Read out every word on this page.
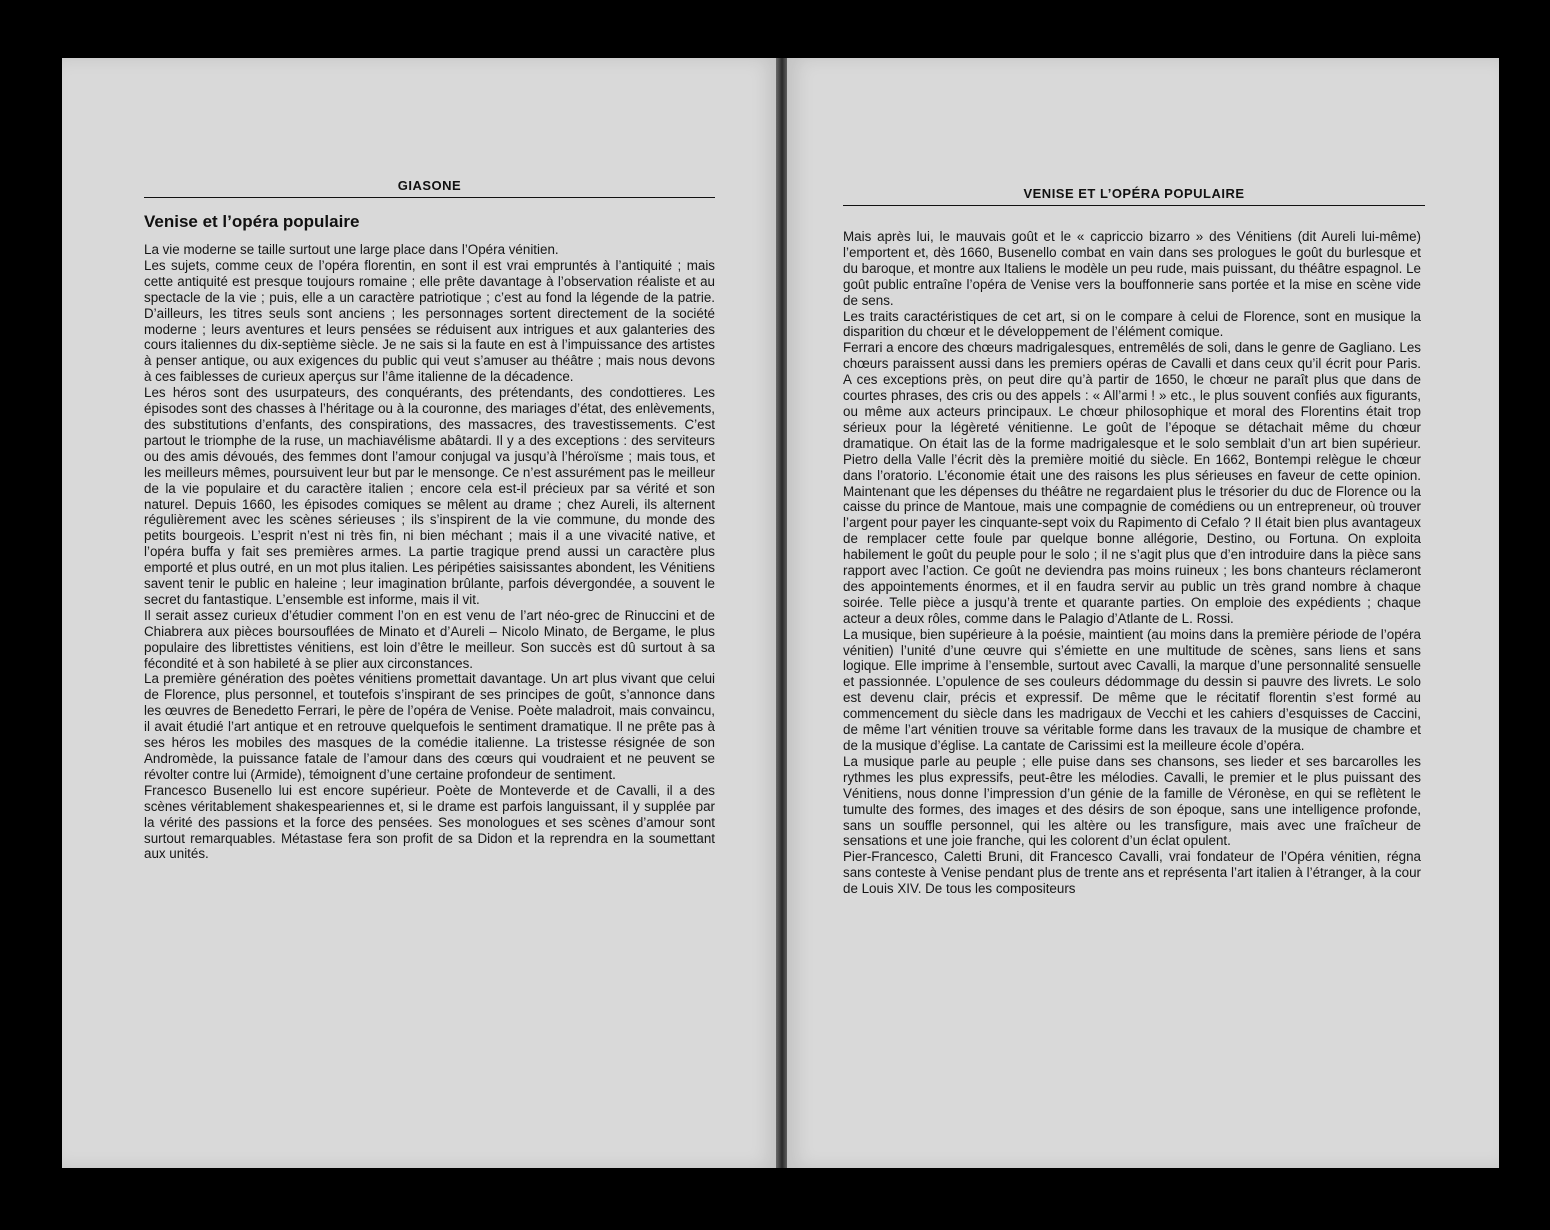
GIASONE
Venise et l’opéra populaire

La vie moderne se taille surtout une large place dans l’Opéra vénitien.

Les sujets, comme ceux de l’opéra florentin, en sont il est vrai empruntés à l’antiquité ; mais cette antiquité est presque toujours romaine ; elle prête davantage à l’observation réaliste et au spectacle de la vie ; puis, elle a un caractère patriotique ; c’est au fond la légende de la patrie. D’ailleurs, les titres seuls sont anciens ; les personnages sortent directement de la société moderne ; leurs aventures et leurs pensées se réduisent aux intrigues et aux galanteries des cours italiennes du dix-septième siècle. Je ne sais si la faute en est à l’impuissance des artistes à penser antique, ou aux exigences du public qui veut s’amuser au théâtre ; mais nous devons à ces faiblesses de curieux aperçus sur l’âme italienne de la décadence.

Les héros sont des usurpateurs, des conquérants, des prétendants, des condottieres. Les épisodes sont des chasses à l’héritage ou à la couronne, des mariages d’état, des enlèvements, des substitutions d’enfants, des conspirations, des massacres, des travestissements. C’est partout le triomphe de la ruse, un machiavélisme abâtardi. Il y a des exceptions : des serviteurs ou des amis dévoués, des femmes dont l’amour conjugal va jusqu’à l’héroïsme ; mais tous, et les meilleurs mêmes, poursuivent leur but par le mensonge. Ce n’est assurément pas le meilleur de la vie populaire et du caractère italien ; encore cela est-il précieux par sa vérité et son naturel. Depuis 1660, les épisodes comiques se mêlent au drame ; chez Aureli, ils alternent régulièrement avec les scènes sérieuses ; ils s’inspirent de la vie commune, du monde des petits bourgeois. L’esprit n’est ni très fin, ni bien méchant ; mais il a une vivacité native, et l’opéra buffa y fait ses premières armes. La partie tragique prend aussi un caractère plus emporté et plus outré, en un mot plus italien. Les péripéties saisissantes abondent, les Vénitiens savent tenir le public en haleine ; leur imagination brûlante, parfois dévergondée, a souvent le secret du fantastique. L’ensemble est informe, mais il vit.

Il serait assez curieux d’étudier comment l’on en est venu de l’art néo-grec de Rinuccini et de Chiabrera aux pièces boursouflées de Minato et d’Aureli – Nicolo Minato, de Bergame, le plus populaire des librettistes vénitiens, est loin d’être le meilleur. Son succès est dû surtout à sa fécondité et à son habileté à se plier aux circonstances.

La première génération des poètes vénitiens promettait davantage. Un art plus vivant que celui de Florence, plus personnel, et toutefois s’inspirant de ses principes de goût, s’annonce dans les œuvres de Benedetto Ferrari, le père de l’opéra de Venise. Poète maladroit, mais convaincu, il avait étudié l’art antique et en retrouve quelquefois le sentiment dramatique. Il ne prête pas à ses héros les mobiles des masques de la comédie italienne. La tristesse résignée de son Andromède, la puissance fatale de l’amour dans des cœurs qui voudraient et ne peuvent se révolter contre lui (Armide), témoignent d’une certaine profondeur de sentiment.

Francesco Busenello lui est encore supérieur. Poète de Monteverde et de Cavalli, il a des scènes véritablement shakespeariennes et, si le drame est parfois languissant, il y supplée par la vérité des passions et la force des pensées. Ses monologues et ses scènes d’amour sont surtout remarquables. Métastase fera son profit de sa Didon et la reprendra en la soumettant aux unités.

VENISE ET L’OPÉRA POPULAIRE

Mais après lui, le mauvais goût et le « capriccio bizarro » des Vénitiens (dit Aureli lui-même) l’emportent et, dès 1660, Busenello combat en vain dans ses prologues le goût du burlesque et du baroque, et montre aux Italiens le modèle un peu rude, mais puissant, du théâtre espagnol. Le goût public entraîne l’opéra de Venise vers la bouffonnerie sans portée et la mise en scène vide de sens.

Les traits caractéristiques de cet art, si on le compare à celui de Florence, sont en musique la disparition du chœur et le développement de l’élément comique.

Ferrari a encore des chœurs madrigalesques, entremêlés de soli, dans le genre de Gagliano. Les chœurs paraissent aussi dans les premiers opéras de Cavalli et dans ceux qu’il écrit pour Paris. A ces exceptions près, on peut dire qu’à partir de 1650, le chœur ne paraît plus que dans de courtes phrases, des cris ou des appels : « All’armi ! » etc., le plus souvent confiés aux figurants, ou même aux acteurs principaux. Le chœur philosophique et moral des Florentins était trop sérieux pour la légèreté vénitienne. Le goût de l’époque se détachait même du chœur dramatique. On était las de la forme madrigalesque et le solo semblait d’un art bien supérieur. Pietro della Valle l’écrit dès la première moitié du siècle. En 1662, Bontempi relègue le chœur dans l’oratorio. L’économie était une des raisons les plus sérieuses en faveur de cette opinion. Maintenant que les dépenses du théâtre ne regardaient plus le trésorier du duc de Florence ou la caisse du prince de Mantoue, mais une compagnie de comédiens ou un entrepreneur, où trouver l’argent pour payer les cinquante-sept voix du Rapimento di Cefalo ? Il était bien plus avantageux de remplacer cette foule par quelque bonne allégorie, Destino, ou Fortuna. On exploita habilement le goût du peuple pour le solo ; il ne s’agit plus que d’en introduire dans la pièce sans rapport avec l’action. Ce goût ne deviendra pas moins ruineux ; les bons chanteurs réclameront des appointements énormes, et il en faudra servir au public un très grand nombre à chaque soirée. Telle pièce a jusqu’à trente et quarante parties. On emploie des expédients ; chaque acteur a deux rôles, comme dans le Palagio d’Atlante de L. Rossi.

La musique, bien supérieure à la poésie, maintient (au moins dans la première période de l’opéra vénitien) l’unité d’une œuvre qui s’émiette en une multitude de scènes, sans liens et sans logique. Elle imprime à l’ensemble, surtout avec Cavalli, la marque d’une personnalité sensuelle et passionnée. L’opulence de ses couleurs dédommage du dessin si pauvre des livrets. Le solo est devenu clair, précis et expressif. De même que le récitatif florentin s’est formé au commencement du siècle dans les madrigaux de Vecchi et les cahiers d’esquisses de Caccini, de même l’art vénitien trouve sa véritable forme dans les travaux de la musique de chambre et de la musique d’église. La cantate de Carissimi est la meilleure école d’opéra.

La musique parle au peuple ; elle puise dans ses chansons, ses lieder et ses barcarolles les rythmes les plus expressifs, peut-être les mélodies. Cavalli, le premier et le plus puissant des Vénitiens, nous donne l’impression d’un génie de la famille de Véronèse, en qui se reflètent le tumulte des formes, des images et des désirs de son époque, sans une intelligence profonde, sans un souffle personnel, qui les altère ou les transfigure, mais avec une fraîcheur de sensations et une joie franche, qui les colorent d’un éclat opulent.

Pier-Francesco, Caletti Bruni, dit Francesco Cavalli, vrai fondateur de l’Opéra vénitien, régna sans conteste à Venise pendant plus de trente ans et représenta l’art italien à l’étranger, à la cour de Louis XIV. De tous les compositeurs
